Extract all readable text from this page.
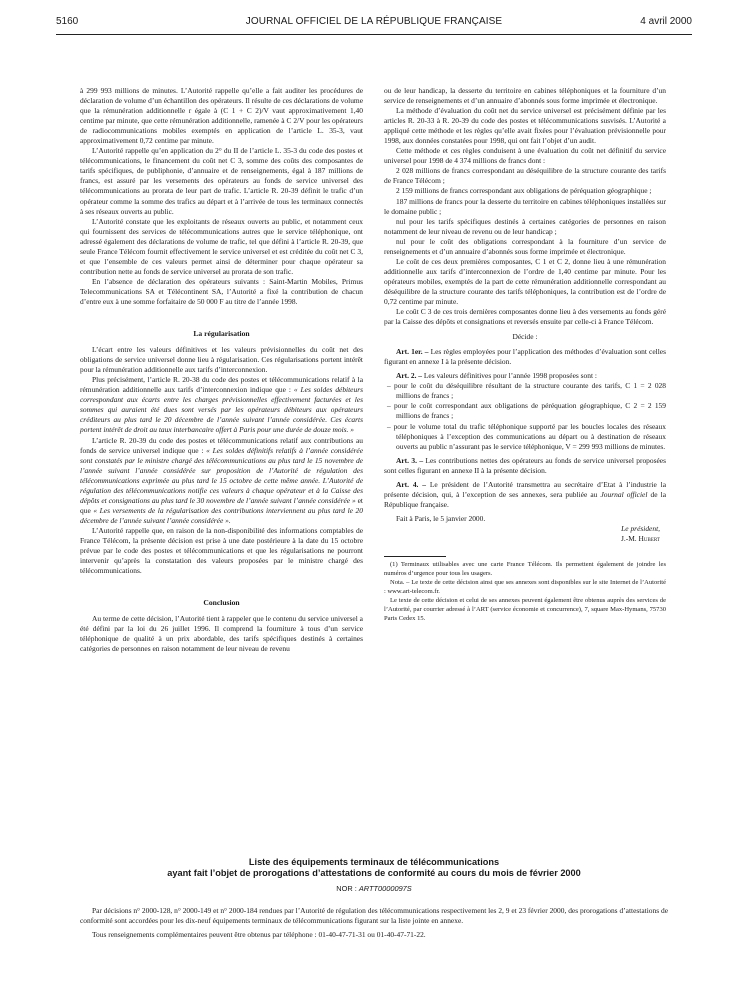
5160	JOURNAL OFFICIEL DE LA RÉPUBLIQUE FRANÇAISE	4 avril 2000

à 299 993 millions de minutes. L’Autorité rappelle qu’elle a fait auditer les procédures de déclaration de volume d’un échantillon des opérateurs. Il résulte de ces déclarations de volume que la rémunération additionnelle r égale à (C 1 + C 2)/V vaut approximativement 1,40 centime par minute, que cette rémunération additionnelle, ramenée à C 2/V pour les opérateurs de radiocommunications mobiles exemptés en application de l’article L. 35-3, vaut approximativement 0,72 centime par minute.

L’Autorité rappelle qu’en application du 2° du II de l’article L. 35-3 du code des postes et télécommunications, le financement du coût net C 3, somme des coûts des composantes de tarifs spécifiques, de publiphonie, d’annuaire et de renseignements, égal à 187 millions de francs, est assuré par les versements des opérateurs au fonds de service universel des télécommunications au prorata de leur part de trafic. L’article R. 20-39 définit le trafic d’un opérateur comme la somme des trafics au départ et à l’arrivée de tous les terminaux connectés à ses réseaux ouverts au public.

L’Autorité constate que les exploitants de réseaux ouverts au public, et notamment ceux qui fournissent des services de télécommunications autres que le service téléphonique, ont adressé également des déclarations de volume de trafic, tel que défini à l’article R. 20-39, que seule France Télécom fournit effectivement le service universel et est créditée du coût net C 3, et que l’ensemble de ces valeurs permet ainsi de déterminer pour chaque opérateur sa contribution nette au fonds de service universel au prorata de son trafic.

En l’absence de déclaration des opérateurs suivants : Saint-Martin Mobiles, Primus Telecommunications SA et Télécontinent SA, l’Autorité a fixé la contribution de chacun d’entre eux à une somme forfaitaire de 50 000 F au titre de l’année 1998.

La régularisation

L’écart entre les valeurs définitives et les valeurs prévisionnelles du coût net des obligations de service universel donne lieu à régularisation. Ces régularisations portent intérêt pour la rémunération additionnelle aux tarifs d’interconnexion.

Plus précisément, l’article R. 20-38 du code des postes et télécommunications relatif à la rémunération additionnelle aux tarifs d’interconnexion indique que : « Les soldes débiteurs correspondant aux écarts entre les charges prévisionnelles effectivement facturées et les sommes qui auraient été dues sont versés par les opérateurs débiteurs aux opérateurs créditeurs au plus tard le 20 décembre de l’année suivant l’année considérée. Ces écarts portent intérêt de droit au taux interbancaire offert à Paris pour une durée de douze mois. »

L’article R. 20-39 du code des postes et télécommunications relatif aux contributions au fonds de service universel indique que : « Les soldes définitifs relatifs à l’année considérée sont constatés par le ministre chargé des télécommunications au plus tard le 15 novembre de l’année suivant l’année considérée sur proposition de l’Autorité de régulation des télécommunications exprimée au plus tard le 15 octobre de cette même année. L’Autorité de régulation des télécommunications notifie ces valeurs à chaque opérateur et à la Caisse des dépôts et consignations au plus tard le 30 novembre de l’année suivant l’année considérée » et que « Les versements de la régularisation des contributions interviennent au plus tard le 20 décembre de l’année suivant l’année considérée ».

L’Autorité rappelle que, en raison de la non-disponibilité des informations comptables de France Télécom, la présente décision est prise à une date postérieure à la date du 15 octobre prévue par le code des postes et télécommunications et que les régularisations ne pourront intervenir qu’après la constatation des valeurs proposées par le ministre chargé des télécommunications.

Conclusion

Au terme de cette décision, l’Autorité tient à rappeler que le contenu du service universel a été défini par la loi du 26 juillet 1996. Il comprend la fourniture à tous d’un service téléphonique de qualité à un prix abordable, des tarifs spécifiques destinés à certaines catégories de personnes en raison notamment de leur niveau de revenu

ou de leur handicap, la desserte du territoire en cabines téléphoniques et la fourniture d’un service de renseignements et d’un annuaire d’abonnés sous forme imprimée et électronique.

La méthode d’évaluation du coût net du service universel est précisément définie par les articles R. 20-33 à R. 20-39 du code des postes et télécommunications susvisés. L’Autorité a appliqué cette méthode et les règles qu’elle avait fixées pour l’évaluation prévisionnelle pour 1998, aux données constatées pour 1998, qui ont fait l’objet d’un audit.

Cette méthode et ces règles conduisent à une évaluation du coût net définitif du service universel pour 1998 de 4 374 millions de francs dont :

2 028 millions de francs correspondant au déséquilibre de la structure courante des tarifs de France Télécom ;

2 159 millions de francs correspondant aux obligations de péréquation géographique ;

187 millions de francs pour la desserte du territoire en cabines téléphoniques installées sur le domaine public ;

nul pour les tarifs spécifiques destinés à certaines catégories de personnes en raison notamment de leur niveau de revenu ou de leur handicap ;

nul pour le coût des obligations correspondant à la fourniture d’un service de renseignements et d’un annuaire d’abonnés sous forme imprimée et électronique.

Le coût de ces deux premières composantes, C 1 et C 2, donne lieu à une rémunération additionnelle aux tarifs d’interconnexion de l’ordre de 1,40 centime par minute. Pour les opérateurs mobiles, exemptés de la part de cette rémunération additionnelle correspondant au déséquilibre de la structure courante des tarifs téléphoniques, la contribution est de l’ordre de 0,72 centime par minute.

Le coût C 3 de ces trois dernières composantes donne lieu à des versements au fonds géré par la Caisse des dépôts et consignations et reversés ensuite par celle-ci à France Télécom.

Décide :

Art. 1er. – Les règles employées pour l’application des méthodes d’évaluation sont celles figurant en annexe I à la présente décision.

Art. 2. – Les valeurs définitives pour l’année 1998 proposées sont :

– pour le coût du déséquilibre résultant de la structure courante des tarifs, C 1 = 2 028 millions de francs ;
– pour le coût correspondant aux obligations de péréquation géographique, C 2 = 2 159 millions de francs ;
– pour le volume total du trafic téléphonique supporté par les boucles locales des réseaux téléphoniques à l’exception des communications au départ ou à destination de réseaux ouverts au public n’assurant pas le service téléphonique, V = 299 993 millions de minutes.

Art. 3. – Les contributions nettes des opérateurs au fonds de service universel proposées sont celles figurant en annexe II à la présente décision.

Art. 4. – Le président de l’Autorité transmettra au secrétaire d’Etat à l’industrie la présente décision, qui, à l’exception de ses annexes, sera publiée au Journal officiel de la République française.

Fait à Paris, le 5 janvier 2000.

Le président,
J.-M. Hubert

(1) Terminaux utilisables avec une carte France Télécom. Ils permettent également de joindre les numéros d’urgence pour tous les usagers.

Nota. – Le texte de cette décision ainsi que ses annexes sont disponibles sur le site Internet de l’Autorité : www.art-telecom.fr.

Le texte de cette décision et celui de ses annexes peuvent également être obtenus auprès des services de l’Autorité, par courrier adressé à l’ART (service économie et concurrence), 7, square Max-Hymans, 75730 Paris Cedex 15.

Liste des équipements terminaux de télécommunications
ayant fait l’objet de prorogations d’attestations de conformité au cours du mois de février 2000
NOR : ARTT0000097S

Par décisions n° 2000-128, n° 2000-149 et n° 2000-184 rendues par l’Autorité de régulation des télécommunications respectivement les 2, 9 et 23 février 2000, des prorogations d’attestations de conformité sont accordées pour les dix-neuf équipements terminaux de télécommunications figurant sur la liste jointe en annexe.

Tous renseignements complémentaires peuvent être obtenus par téléphone : 01-40-47-71-31 ou 01-40-47-71-22.
